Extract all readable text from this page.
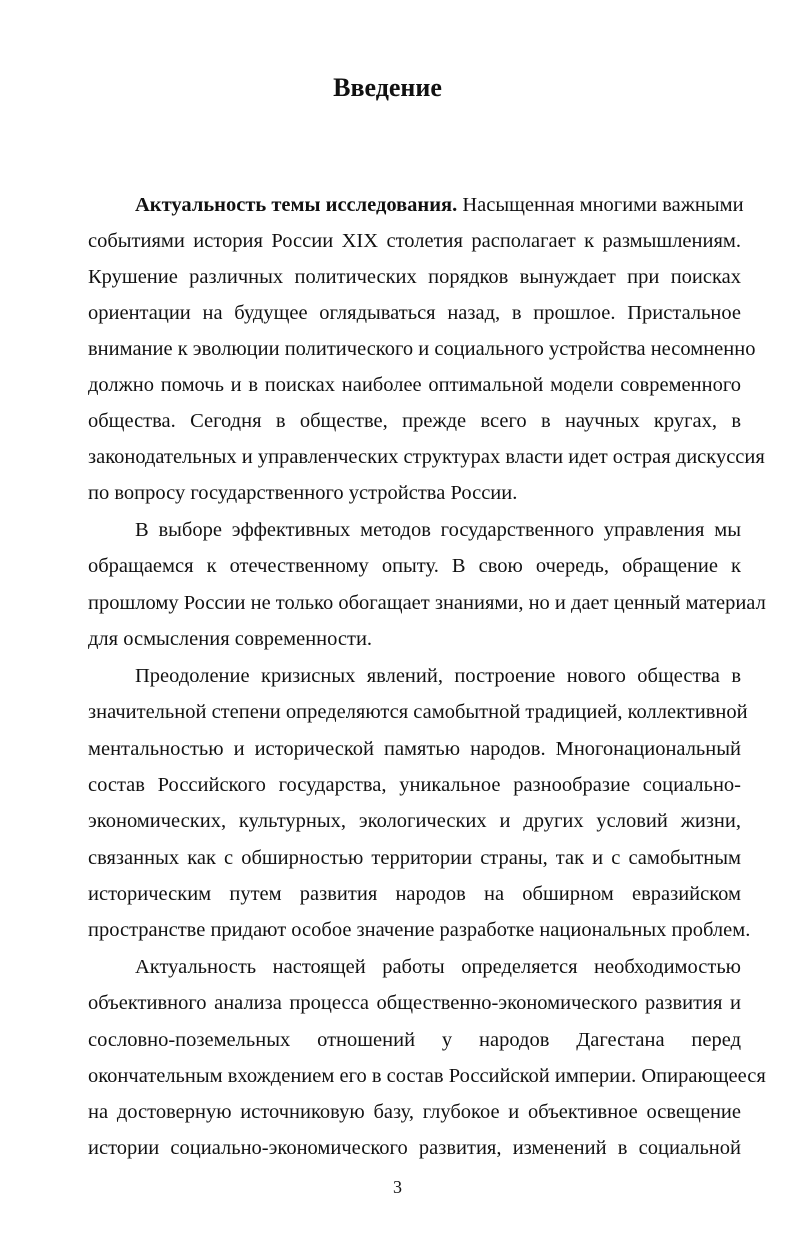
Введение
Актуальность темы исследования. Насыщенная многими важными
событиями история России XIX столетия располагает к размышлениям.
Крушение различных политических порядков вынуждает при поисках
ориентации на будущее оглядываться назад, в прошлое. Пристальное
внимание к эволюции политического и социального устройства несомненно
должно помочь и в поисках наиболее оптимальной модели современного
общества. Сегодня в обществе, прежде всего в научных кругах, в
законодательных и управленческих структурах власти идет острая дискуссия
по вопросу государственного устройства России.
В выборе эффективных методов государственного управления мы
обращаемся к отечественному опыту. В свою очередь, обращение к
прошлому России не только обогащает знаниями, но и дает ценный материал
для осмысления современности.
Преодоление кризисных явлений, построение нового общества в
значительной степени определяются самобытной традицией, коллективной
ментальностью и исторической памятью народов. Многонациональный
состав Российского государства, уникальное разнообразие социально-
экономических, культурных, экологических и других условий жизни,
связанных как с обширностью территории страны, так и с самобытным
историческим путем развития народов на обширном евразийском
пространстве придают особое значение разработке национальных проблем.
Актуальность настоящей работы определяется необходимостью
объективного анализа процесса общественно-экономического развития и
сословно-поземельных отношений у народов Дагестана перед
окончательным вхождением его в состав Российской империи. Опирающееся
на достоверную источниковую базу, глубокое и объективное освещение
истории социально-экономического развития, изменений в социальной
3
